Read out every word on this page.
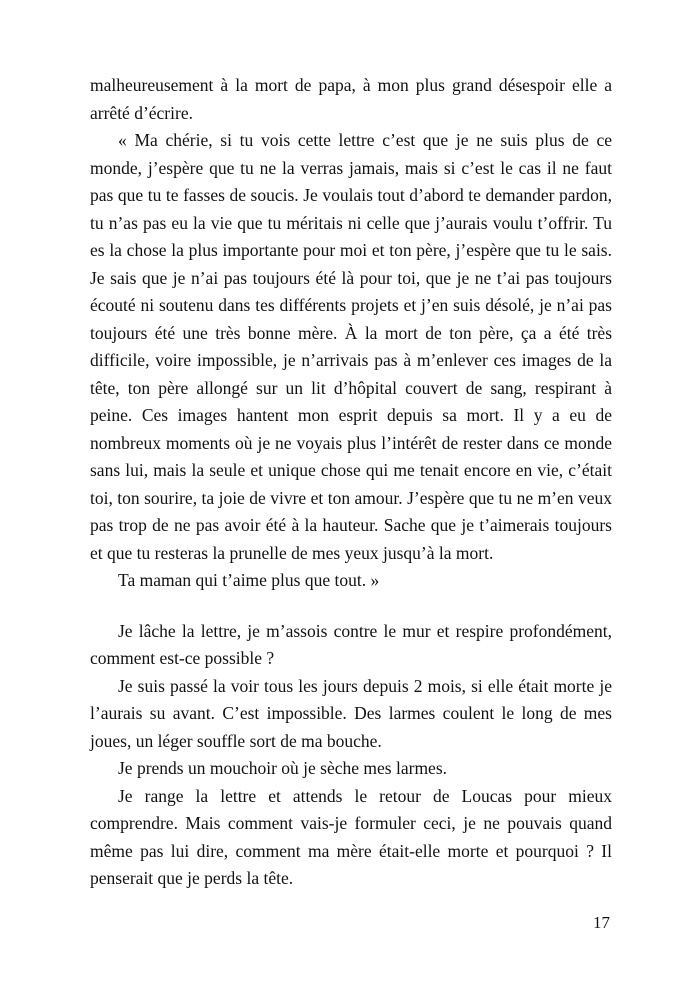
malheureusement à la mort de papa, à mon plus grand désespoir elle a arrêté d’écrire.

« Ma chérie, si tu vois cette lettre c’est que je ne suis plus de ce monde, j’espère que tu ne la verras jamais, mais si c’est le cas il ne faut pas que tu te fasses de soucis. Je voulais tout d’abord te demander pardon, tu n’as pas eu la vie que tu méritais ni celle que j’aurais voulu t’offrir. Tu es la chose la plus importante pour moi et ton père, j’espère que tu le sais. Je sais que je n’ai pas toujours été là pour toi, que je ne t’ai pas toujours écouté ni soutenu dans tes différents projets et j’en suis désolé, je n’ai pas toujours été une très bonne mère. À la mort de ton père, ça a été très difficile, voire impossible, je n’arrivais pas à m’enlever ces images de la tête, ton père allongé sur un lit d’hôpital couvert de sang, respirant à peine. Ces images hantent mon esprit depuis sa mort. Il y a eu de nombreux moments où je ne voyais plus l’intérêt de rester dans ce monde sans lui, mais la seule et unique chose qui me tenait encore en vie, c’était toi, ton sourire, ta joie de vivre et ton amour. J’espère que tu ne m’en veux pas trop de ne pas avoir été à la hauteur. Sache que je t’aimerais toujours et que tu resteras la prunelle de mes yeux jusqu’à la mort.

Ta maman qui t’aime plus que tout. »

Je lâche la lettre, je m’assois contre le mur et respire profondément, comment est-ce possible ?

Je suis passé la voir tous les jours depuis 2 mois, si elle était morte je l’aurais su avant. C’est impossible. Des larmes coulent le long de mes joues, un léger souffle sort de ma bouche.

Je prends un mouchoir où je sèche mes larmes.

Je range la lettre et attends le retour de Loucas pour mieux comprendre. Mais comment vais-je formuler ceci, je ne pouvais quand même pas lui dire, comment ma mère était-elle morte et pourquoi ? Il penserait que je perds la tête.

17
